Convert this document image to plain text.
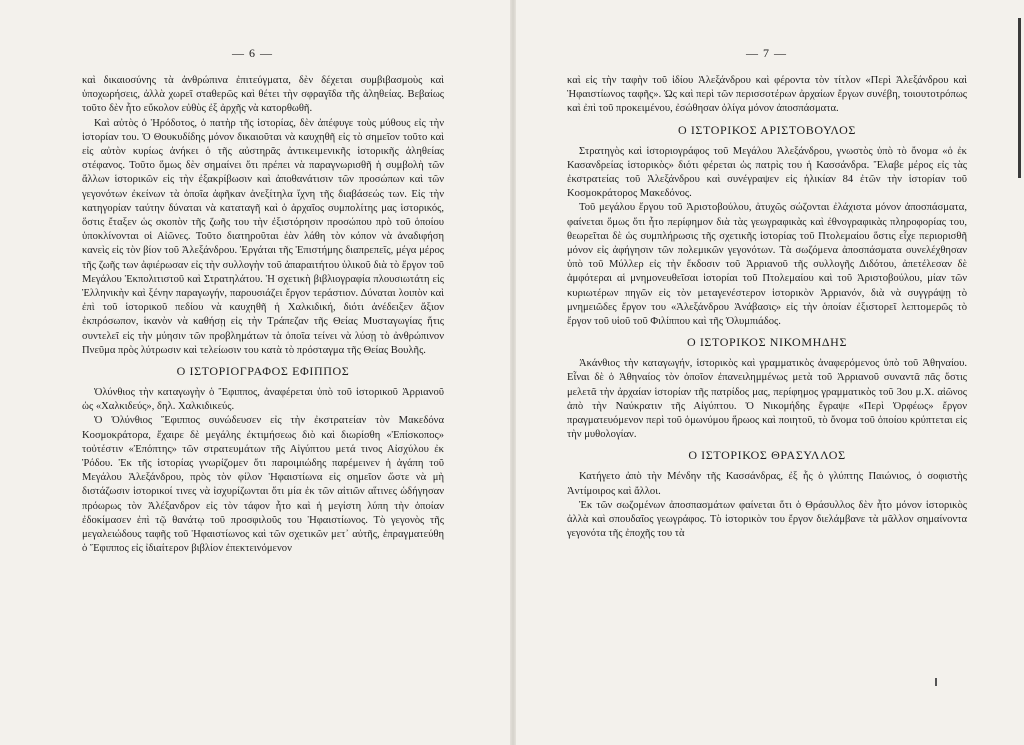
— 6 —

καὶ δικαιοσύνης τὰ ἀνθρώπινα ἐπιτεύγματα, δὲν δέχεται συμβιβασμοὺς καὶ ὑποχωρήσεις, ἀλλὰ χωρεῖ σταθερῶς καὶ θέτει τὴν σφραγῖδα τῆς ἀληθείας. Βεβαίως τοῦτο δὲν ἦτο εὔκολον εὐθὺς ἐξ ἀρχῆς νὰ κατορθωθῆ.

Καὶ αὐτὸς ὁ Ἡρόδοτος, ὁ πατὴρ τῆς ἱστορίας, δὲν ἀπέφυγε τοὺς μύθους εἰς τὴν ἱστορίαν του. Ὁ Θουκυδίδης μόνον δικαιοῦται νὰ καυχηθῆ εἰς τὸ σημεῖον τοῦτο καὶ εἰς αὐτὸν κυρίως ἀνήκει ὁ τῆς αὐστηρᾶς ἀντικειμενικῆς ἱστορικῆς ἀληθείας στέφανος. Τοῦτο ὅμως δὲν σημαίνει ὅτι πρέπει νὰ παραγνωρισθῆ ἡ συμβολὴ τῶν ἄλλων ἱστορικῶν εἰς τὴν ἐξακρίβωσιν καὶ ἀποθανάτισιν τῶν προσώπων καὶ τῶν γεγονότων ἐκείνων τὰ ὁποῖα ἀφῆκαν ἀνεξίτηλα ἴχνη τῆς διαβάσεώς των. Εἰς τὴν κατηγορίαν ταύτην δύναται νὰ καταταγῆ καὶ ὁ ἀρχαῖος συμπολίτης μας ἱστορικός, ὅστις ἔταξεν ὡς σκοπὸν τῆς ζωῆς του τὴν ἐξιστόρησιν προσώπου πρὸ τοῦ ὁποίου ὑποκλίνονται οἱ Αἰῶνες. Τοῦτο διατηροῦται ἐὰν λάθη τὸν κόπον νὰ ἀναδιφήση κανεὶς εἰς τὸν βίον τοῦ Ἀλεξάνδρου. Ἐργάται τῆς Ἐπιστήμης διαπρεπεῖς, μέγα μέρος τῆς ζωῆς των ἀφιέρωσαν εἰς τὴν συλλογὴν τοῦ ἀπαραιτήτου ὑλικοῦ διὰ τὸ ἔργον τοῦ Μεγάλου Ἐκπολιτιστοῦ καὶ Στρατηλάτου. Ἡ σχετικὴ βιβλιογραφία πλουσιωτάτη εἰς Ἑλληνικὴν καὶ ξένην παραγωγήν, παρουσιάζει ἔργον τεράστιον. Δύναται λοιπὸν καὶ ἐπὶ τοῦ ἱστορικοῦ πεδίου νὰ καυχηθῆ ἡ Χαλκιδική, διότι ἀνέδειξεν ἄξιον ἐκπρόσωπον, ἱκανὸν νὰ καθήσῃ εἰς τὴν Τράπεζαν τῆς Θείας Μυσταγωγίας ἥτις συντελεῖ εἰς τὴν μύησιν τῶν προβλημάτων τὰ ὁποῖα τείνει νὰ λύσῃ τὸ ἀνθρώπινον Πνεῦμα πρὸς λύτρωσιν καὶ τελείωσιν του κατὰ τὸ πρόσταγμα τῆς Θείας Βουλῆς.

Ο ΙΣΤΟΡΙΟΓΡΑΦΟΣ ΕΦΙΠΠΟΣ

Ὀλύνθιος τὴν καταγωγὴν ὁ Ἔφιππος, ἀναφέρεται ὑπὸ τοῦ ἱστορικοῦ Ἀρριανοῦ ὡς «Χαλκιδεύς», δηλ. Χαλκιδικεύς.

Ὁ Ὀλύνθιος Ἔφιππος συνώδευσεν εἰς τὴν ἐκστρατείαν τὸν Μακεδόνα Κοσμοκράτορα, ἔχαιρε δὲ μεγάλης ἐκτιμήσεως διὸ καὶ διωρίσθη «Ἐπίσκοπος» τοὐτέστιν «Ἐπόπτης» τῶν στρατευμάτων τῆς Αἰγύπτου μετά τινος Αἰσχύλου ἐκ Ῥόδου. Ἐκ τῆς ἱστορίας γνωρίζομεν ὅτι παροιμιώδης παρέμεινεν ἡ ἀγάπη τοῦ Μεγάλου Ἀλεξάνδρου, πρὸς τὸν φίλον Ἡφαιστίωνα εἰς σημεῖον ὥστε νὰ μὴ διστάζωσιν ἱστορικοί τινες νὰ ἰσχυρίζωνται ὅτι μία ἐκ τῶν αἰτιῶν αἵτινες ὡδήγησαν πρόωρως τὸν Ἀλέξανδρον εἰς τὸν τάφον ἦτο καὶ ἡ μεγίστη λύπη τὴν ὁποίαν ἐδοκίμασεν ἐπὶ τῷ θανάτῳ τοῦ προσφιλοῦς του Ἡφαιστίωνος. Τὸ γεγονὸς τῆς μεγαλειώδους ταφῆς τοῦ Ἡφαιστίωνος καὶ τῶν σχετικῶν μετ᾽ αὐτῆς, ἐπραγματεύθη ὁ Ἔφιππος εἰς ἰδιαίτερον βιβλίον ἐπεκτεινόμενον

— 7 —

καὶ εἰς τὴν ταφὴν τοῦ ἰδίου Ἀλεξάνδρου καὶ φέροντα τὸν τίτλον «Περὶ Ἀλεξάνδρου καὶ Ἡφαιστίωνος ταφῆς». Ὡς καὶ περὶ τῶν περισσοτέρων ἀρχαίων ἔργων συνέβη, τοιουτοτρόπως καὶ ἐπὶ τοῦ προκειμένου, ἐσώθησαν ὀλίγα μόνον ἀποσπάσματα.

Ο ΙΣΤΟΡΙΚΟΣ ΑΡΙΣΤΟΒΟΥΛΟΣ

Στρατηγὸς καὶ ἱστοριογράφος τοῦ Μεγάλου Ἀλεξάνδρου, γνωστὸς ὑπὸ τὸ ὄνομα «ὁ ἐκ Κασανδρείας ἱστορικὸς» διότι φέρεται ὡς πατρὶς του ἡ Κασσάνδρα. Ἔλαβε μέρος εἰς τὰς ἐκστρατείας τοῦ Ἀλεξάνδρου καὶ συνέγραψεν εἰς ἡλικίαν 84 ἐτῶν τὴν ἱστορίαν τοῦ Κοσμοκράτορος Μακεδόνος.

Τοῦ μεγάλου ἔργου τοῦ Ἀριστοβούλου, ἀτυχῶς σώζονται ἐλάχιστα μόνον ἀποσπάσματα, φαίνεται ὅμως ὅτι ἦτο περίφημον διὰ τὰς γεωγραφικὰς καὶ ἐθνογραφικὰς πληροφορίας του, θεωρεῖται δὲ ὡς συμπλήρωσις τῆς σχετικῆς ἱστορίας τοῦ Πτολεμαίου ὅστις εἶχε περιορισθῆ μόνον εἰς ἀφήγησιν τῶν πολεμικῶν γεγονότων. Τὰ σωζόμενα ἀποσπάσματα συνελέχθησαν ὑπὸ τοῦ Μύλλερ εἰς τὴν ἔκδοσιν τοῦ Ἀρριανοῦ τῆς συλλογῆς Διδότου, ἀπετέλεσαν δὲ ἀμφότεραι αἱ μνημονευθεῖσαι ἱστορίαι τοῦ Πτολεμαίου καὶ τοῦ Ἀριστοβούλου, μίαν τῶν κυριωτέρων πηγῶν εἰς τὸν μεταγενέστερον ἱστορικὸν Ἀρριανόν, διὰ νὰ συγγράψῃ τὸ μνημειῶδες ἔργον του «Ἀλεξάνδρου Ἀνάβασις» εἰς τὴν ὁποίαν ἐξιστορεῖ λεπτομερῶς τὸ ἔργον τοῦ υἱοῦ τοῦ Φιλίππου καὶ τῆς Ὀλυμπιάδος.

Ο ΙΣΤΟΡΙΚΟΣ ΝΙΚΟΜΗΔΗΣ

Ἀκάνθιος τὴν καταγωγήν, ἱστορικὸς καὶ γραμματικὸς ἀναφερόμενος ὑπὸ τοῦ Ἀθηναίου. Εἶναι δὲ ὁ Ἀθηναίος τὸν ὁποῖον ἐπανειλημμένως μετὰ τοῦ Ἀρριανοῦ συναντᾶ πᾶς ὅστις μελετᾶ τὴν ἀρχαίαν ἱστορίαν τῆς πατρίδος μας, περίφημος γραμματικὸς τοῦ 3ου μ.Χ. αἰῶνος ἀπὸ τὴν Ναύκρατιν τῆς Αἰγύπτου. Ὁ Νικομήδης ἔγραψε «Περὶ Ὀρφέως» ἔργον πραγματευόμενον περὶ τοῦ ὁμωνύμου ἥρωος καὶ ποιητοῦ, τὸ ὄνομα τοῦ ὁποίου κρύπτεται εἰς τὴν μυθολογίαν.

Ο ΙΣΤΟΡΙΚΟΣ ΘΡΑΣΥΛΛΟΣ

Κατήγετο ἀπὸ τὴν Μένδην τῆς Κασσάνδρας, ἐξ ἧς ὁ γλύπτης Παιώνιος, ὁ σοφιστὴς Ἀντίμοιρος καὶ ἄλλοι.

Ἐκ τῶν σωζομένων ἀποσπασμάτων φαίνεται ὅτι ὁ Θράσυλλος δὲν ἦτο μόνον ἱστορικὸς ἀλλὰ καὶ σπουδαῖος γεωγράφος. Τὸ ἱστορικὸν του ἔργον διελάμβανε τὰ μᾶλλον σημαίνοντα γεγονότα τῆς ἐποχῆς του τὰ
